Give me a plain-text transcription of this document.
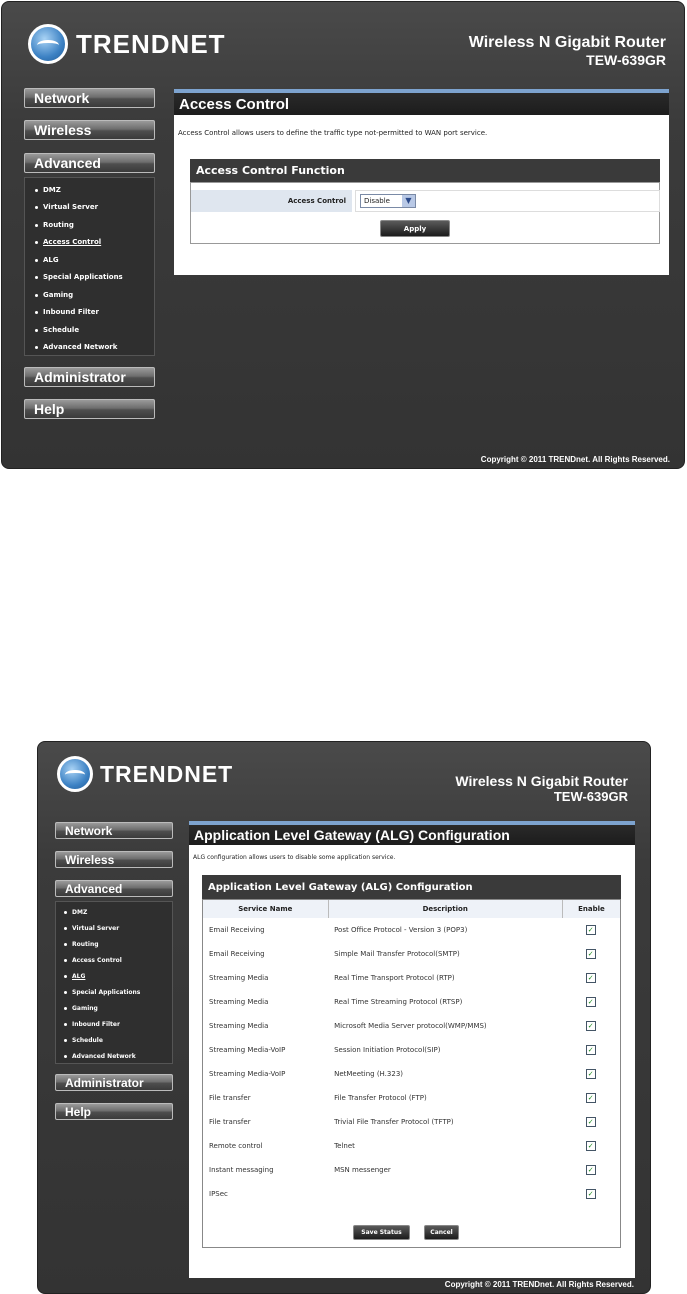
TRENDNET	Wireless N Gigabit Router
TEW-639GR
Network
Wireless
Advanced
DMZ
Virtual Server
Routing
Access Control
ALG
Special Applications
Gaming
Inbound Filter
Schedule
Advanced Network
Administrator
Help
Access Control
Access Control allows users to define the traffic type not-permitted to WAN port service.
Access Control Function
Access Control	Disable	▼
Apply
Copyright © 2011 TRENDnet. All Rights Reserved.
TRENDNET	Wireless N Gigabit Router
TEW-639GR
Network
Wireless
Advanced
DMZ
Virtual Server
Routing
Access Control
ALG
Special Applications
Gaming
Inbound Filter
Schedule
Advanced Network
Administrator
Help
Application Level Gateway (ALG) Configuration
ALG configuration allows users to disable some application service.
Application Level Gateway (ALG) Configuration
Service Name	Description	Enable
Email Receiving	Post Office Protocol - Version 3 (POP3)	✓
Email Receiving	Simple Mail Transfer Protocol(SMTP)	✓
Streaming Media	Real Time Transport Protocol (RTP)	✓
Streaming Media	Real Time Streaming Protocol (RTSP)	✓
Streaming Media	Microsoft Media Server protocol(WMP/MMS)	✓
Streaming Media-VoIP	Session Initiation Protocol(SIP)	✓
Streaming Media-VoIP	NetMeeting (H.323)	✓
File transfer	File Transfer Protocol (FTP)	✓
File transfer	Trivial File Transfer Protocol (TFTP)	✓
Remote control	Telnet	✓
Instant messaging	MSN messenger	✓
IPSec		✓
Save Status	Cancel
Copyright © 2011 TRENDnet. All Rights Reserved.
